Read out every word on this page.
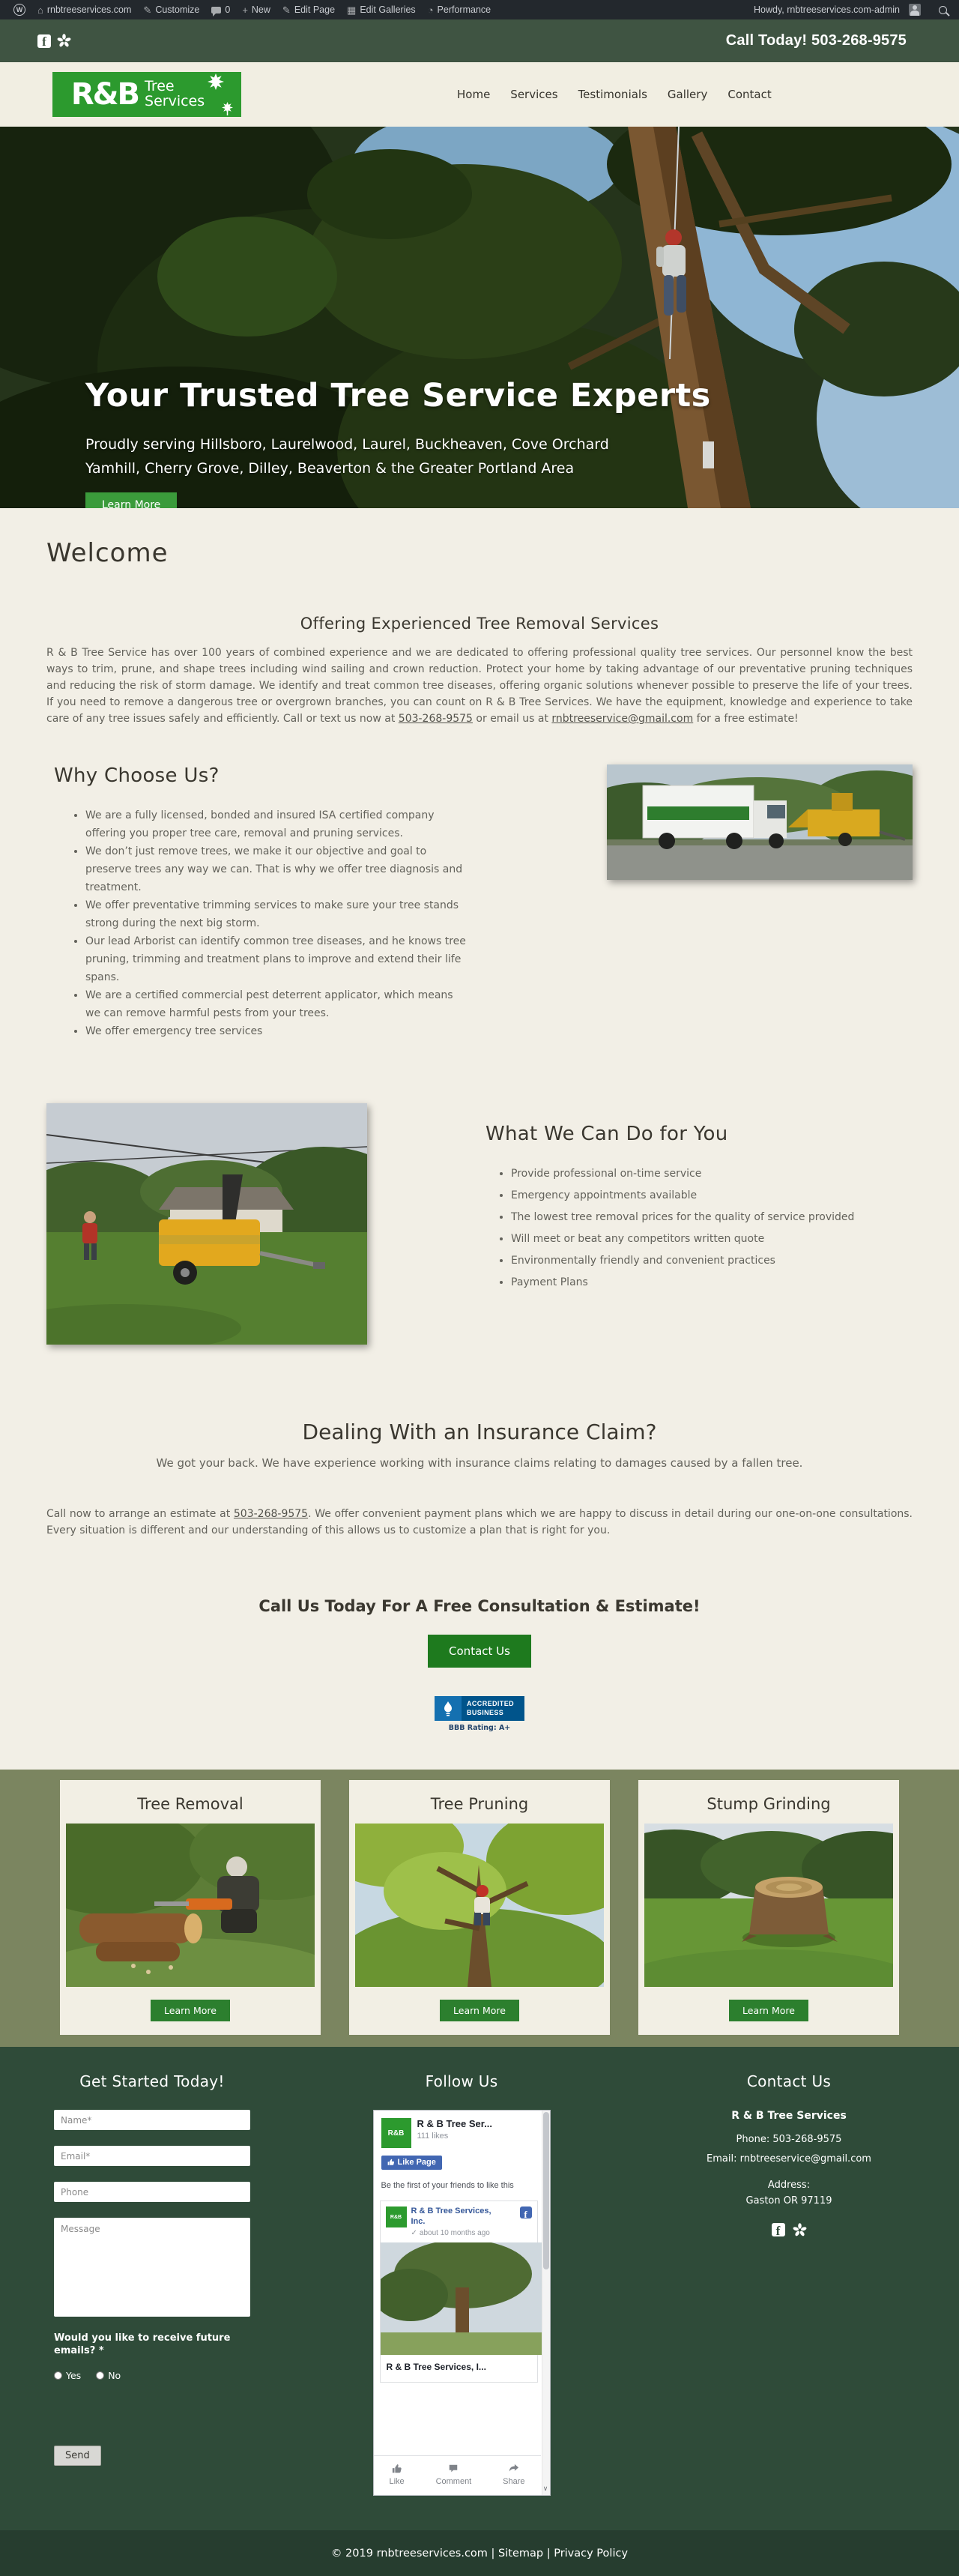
W ⌂ rnbtreeservices.com ✎ Customize	0 + New ✎ Edit Page ▦ Edit Galleries ◔ Performance	Howdy, rnbtreeservices.com-admin
f	Call Today! 503-268-9575
R&B Tree
Services	Home Services Testimonials Gallery Contact
Your Trusted Tree Service Experts
Proudly serving Hillsboro, Laurelwood, Laurel, Buckheaven, Cove Orchard
Yamhill, Cherry Grove, Dilley, Beaverton & the Greater Portland Area
Learn More
Welcome
Offering Experienced Tree Removal Services

R & B Tree Service has over 100 years of combined experience and we are dedicated to offering professional quality tree services. Our personnel know the best ways to trim, prune, and shape trees including wind sailing and crown reduction. Protect your home by taking advantage of our preventative pruning techniques and reducing the risk of storm damage. We identify and treat common tree diseases, offering organic solutions whenever possible to preserve the life of your trees. If you need to remove a dangerous tree or overgrown branches, you can count on R & B Tree Services. We have the equipment, knowledge and experience to take care of any tree issues safely and efficiently. Call or text us now at 503-268-9575 or email us at rnbtreeservice@gmail.com for a free estimate!

Why Choose Us?
• We are a fully licensed, bonded and insured ISA certified company offering you proper tree care, removal and pruning services.
• We don’t just remove trees, we make it our objective and goal to preserve trees any way we can. That is why we offer tree diagnosis and treatment.
• We offer preventative trimming services to make sure your tree stands strong during the next big storm.
• Our lead Arborist can identify common tree diseases, and he knows tree pruning, trimming and treatment plans to improve and extend their life spans.
• We are a certified commercial pest deterrent applicator, which means we can remove harmful pests from your trees.
• We offer emergency tree services
What We Can Do for You
• Provide professional on-time service
• Emergency appointments available
• The lowest tree removal prices for the quality of service provided
• Will meet or beat any competitors written quote
• Environmentally friendly and convenient practices
• Payment Plans
Dealing With an Insurance Claim?

We got your back. We have experience working with insurance claims relating to damages caused by a fallen tree.

Call now to arrange an estimate at 503-268-9575. We offer convenient payment plans which we are happy to discuss in detail during our one-on-one consultations. Every situation is different and our understanding of this allows us to customize a plan that is right for you.

Call Us Today For A Free Consultation & Estimate!
Contact Us
ACCREDITED
BUSINESS
BBB Rating: A+
Tree Removal
Learn More
Tree Pruning
Learn More
Stump Grinding
Learn More
Get Started Today!
Name*
Email*
Phone
Message
Would you like to receive future emails? *
Yes	No
Send
Follow Us
R&B
R & B Tree Ser...
111 likes
Like Page
Be the first of your friends to like this
R&B
R & B Tree Services, Inc.
✓ about 10 months ago
f
R & B Tree Services, I...
Like	Comment	Share
∨
Contact Us
R & B Tree Services
Phone: 503-268-9575
Email: rnbtreeservice@gmail.com
Address:
Gaston OR 97119
f
© 2019 rnbtreeservices.com |
Sitemap
|
Privacy Policy
